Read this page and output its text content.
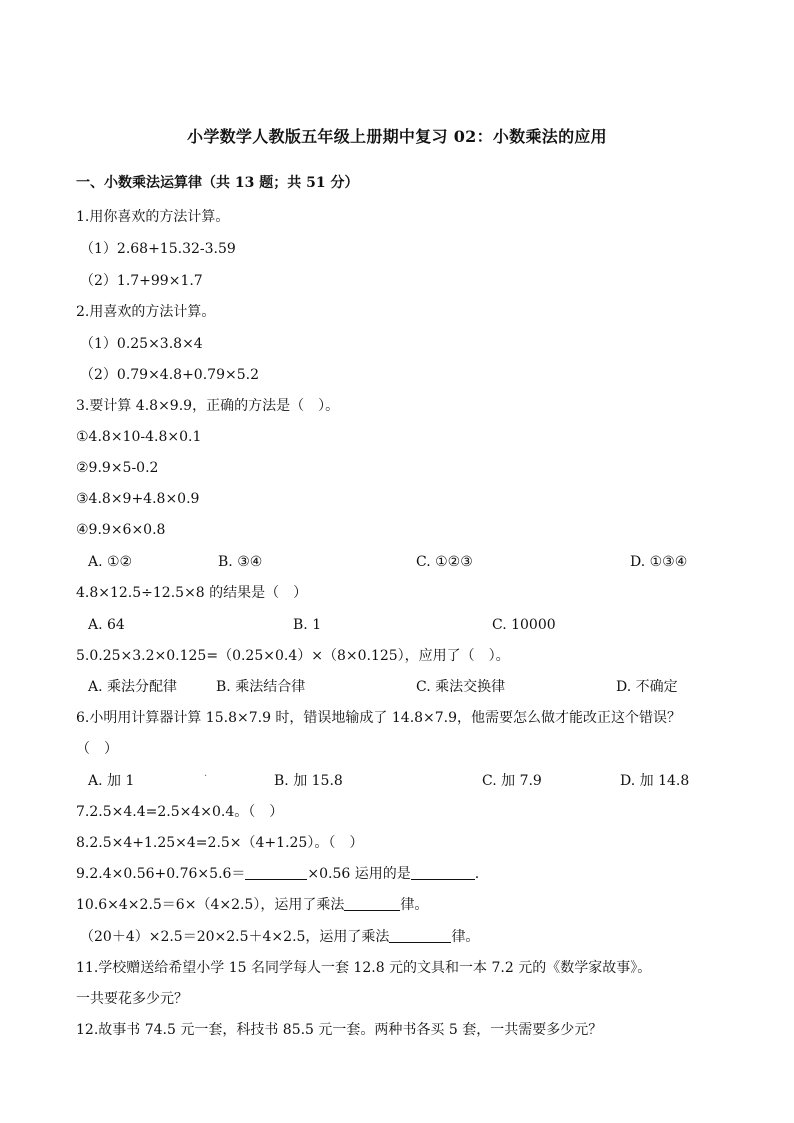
小学数学人教版五年级上册期中复习 02：小数乘法的应用
一、小数乘法运算律（共 13 题；共 51 分）
1.用你喜欢的方法计算。
（1）2.68+15.32-3.59
（2）1.7+99×1.7
2.用喜欢的方法计算。
（1）0.25×3.8×4
（2）0.79×4.8+0.79×5.2
3.要计算 4.8×9.9，正确的方法是（　）。
①4.8×10-4.8×0.1
②9.9×5-0.2
③4.8×9+4.8×0.9
④9.9×6×0.8
A. ①②	B. ③④	C. ①②③	D. ①③④
4.8×12.5÷12.5×8 的结果是（　）
A. 64	B. 1	C. 10000
5.0.25×3.2×0.125=（0.25×0.4）×（8×0.125），应用了（　）。
A. 乘法分配律	B. 乘法结合律	C. 乘法交换律	D. 不确定
6.小明用计算器计算 15.8×7.9 时，错误地输成了 14.8×7.9，他需要怎么做才能改正这个错误？
（　）
A. 加 1	B. 加 15.8	C. 加 7.9	D. 加 14.8
·
7.2.5×4.4=2.5×4×0.4。（　）
8.2.5×4+1.25×4=2.5×（4+1.25）。（　）
9.2.4×0.56+0.76×5.6＝	×0.56 运用的是	.
10.6×4×2.5＝6×（4×2.5），运用了乘法	律。
（20＋4）×2.5＝20×2.5＋4×2.5，运用了乘法	律。
11.学校赠送给希望小学 15 名同学每人一套 12.8 元的文具和一本 7.2 元的《数学家故事》。
一共要花多少元？
12.故事书 74.5 元一套，科技书 85.5 元一套。两种书各买 5 套，一共需要多少元？
